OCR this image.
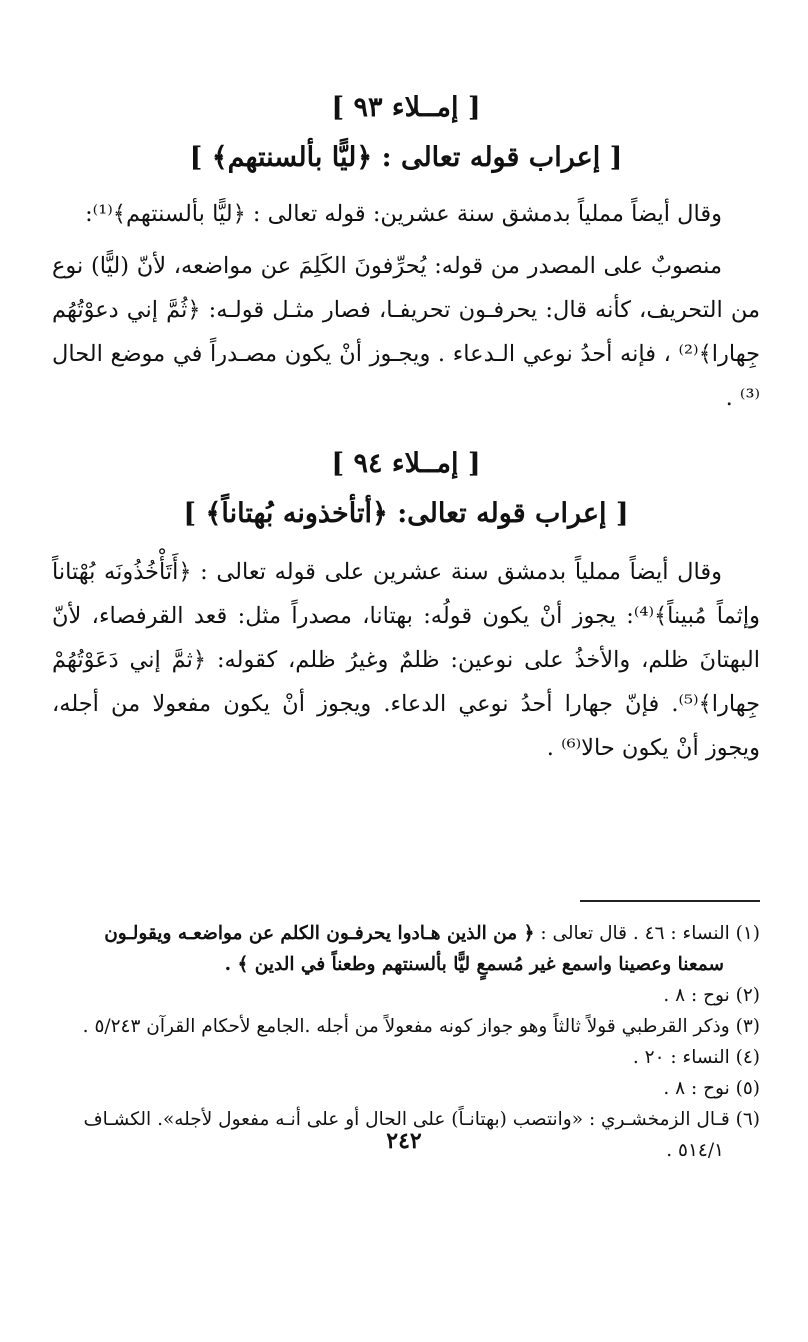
[ إمــلاء ٩٣ ]
[ إعراب قوله تعالى : ﴿ليًّا بألسنتهم﴾ ]

وقال أيضاً مملياً بدمشق سنة عشرين: قوله تعالى : ﴿ليًّا بألسنتهم﴾⁽¹⁾:

منصوبٌ على المصدر من قوله: يُحرِّفونَ الكَلِمَ عن مواضعه، لأنّ (ليًّا) نوع من التحريف، كأنه قال: يحرفـون تحريفـا، فصار مثـل قولـه: ﴿ثُمَّ إني دعوْتُهُم جِهارا﴾⁽²⁾ ، فإنه أحدُ نوعي الـدعاء . ويجـوز أنْ يكون مصـدراً في موضع الحال ⁽³⁾ .

[ إمــلاء ٩٤ ]
[ إعراب قوله تعالى: ﴿أتأخذونه بُهتاناً﴾ ]

وقال أيضاً مملياً بدمشق سنة عشرين على قوله تعالى : ﴿أَتَأْخُذُونَه بُهْتاناً وإثماً مُبيناً﴾⁽⁴⁾: يجوز أنْ يكون قولُه: بهتانا، مصدراً مثل: قعد القرفصاء، لأنّ البهتانَ ظلم، والأخذُ على نوعين: ظلمٌ وغيرُ ظلم، كقوله: ﴿ثمَّ إني دَعَوْتُهُمْ جِهارا﴾⁽⁵⁾. فإنّ جهارا أحدُ نوعي الدعاء. ويجوز أنْ يكون مفعولا من أجله، ويجوز أنْ يكون حالا⁽⁶⁾ .

(١) النساء : ٤٦ . قال تعالى : ﴿ من الذين هـادوا يحرفـون الكلم عن مواضعـه ويقولـون
سمعنا وعصينا واسمع غير مُسمعٍ ليًّا بألسنتهم وطعناً في الدين ﴾ .

(٢) نوح : ٨ .

(٣) وذكر القرطبي قولاً ثالثاً وهو جواز كونه مفعولاً من أجله .الجامع لأحكام القرآن ٥/٢٤٣ .

(٤) النساء : ٢٠ .

(٥) نوح : ٨ .

(٦) قـال الزمخشـري : «وانتصب (بهتانـاً) على الحال أو على أنـه مفعول لأجله». الكشـاف
٥١٤/١ .

٢٤٢
